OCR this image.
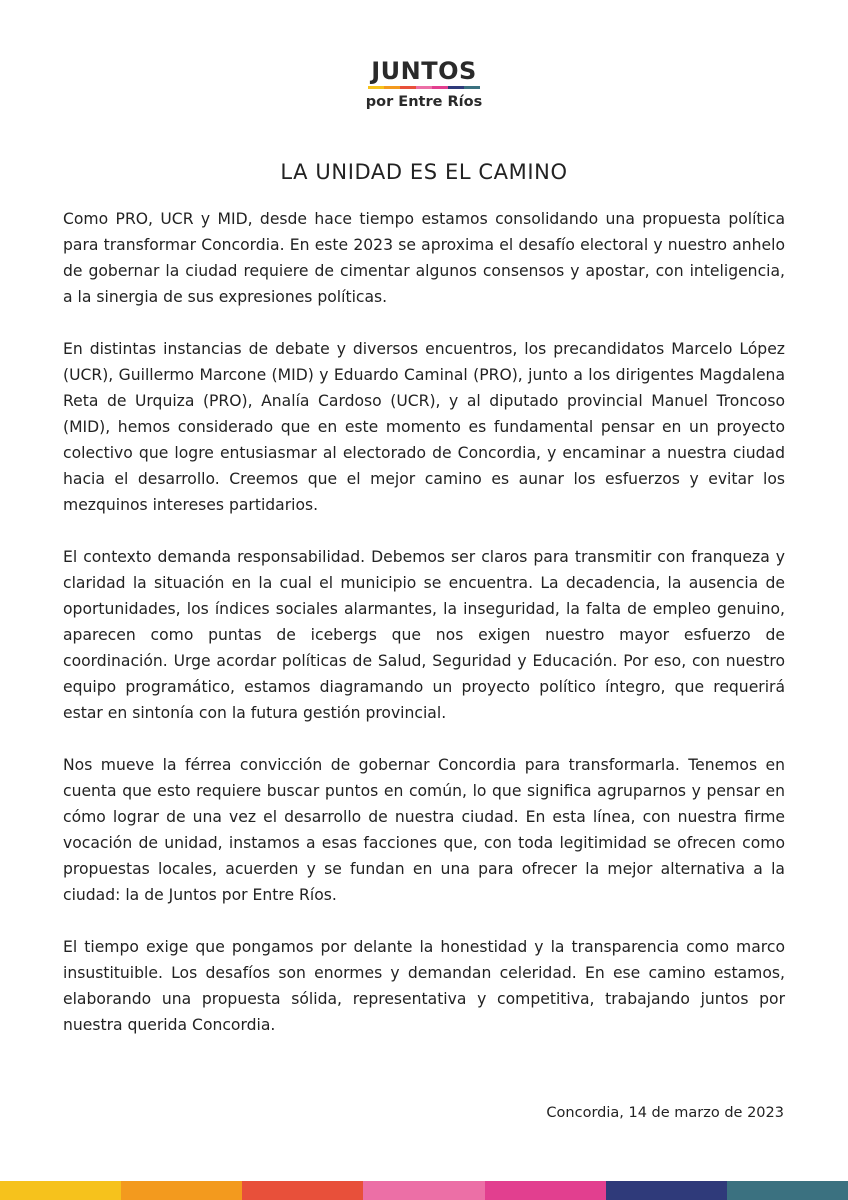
JUNTOS
por Entre Ríos
LA UNIDAD ES EL CAMINO

Como PRO, UCR y MID, desde hace tiempo estamos consolidando una propuesta política para transformar Concordia. En este 2023 se aproxima el desafío electoral y nuestro anhelo de gobernar la ciudad requiere de cimentar algunos consensos y apostar, con inteligencia, a la sinergia de sus expresiones políticas.

En distintas instancias de debate y diversos encuentros, los precandidatos Marcelo López (UCR), Guillermo Marcone (MID) y Eduardo Caminal (PRO), junto a los dirigentes Magdalena Reta de Urquiza (PRO), Analía Cardoso (UCR), y al diputado provincial Manuel Troncoso (MID), hemos considerado que en este momento es fundamental pensar en un proyecto colectivo que logre entusiasmar al electorado de Concordia, y encaminar a nuestra ciudad hacia el desarrollo. Creemos que el mejor camino es aunar los esfuerzos y evitar los mezquinos intereses partidarios.

El contexto demanda responsabilidad. Debemos ser claros para transmitir con franqueza y claridad la situación en la cual el municipio se encuentra. La decadencia, la ausencia de oportunidades, los índices sociales alarmantes, la inseguridad, la falta de empleo genuino, aparecen como puntas de icebergs que nos exigen nuestro mayor esfuerzo de coordinación. Urge acordar políticas de Salud, Seguridad y Educación. Por eso, con nuestro equipo programático, estamos diagramando un proyecto político íntegro, que requerirá estar en sintonía con la futura gestión provincial.

Nos mueve la férrea convicción de gobernar Concordia para transformarla. Tenemos en cuenta que esto requiere buscar puntos en común, lo que significa agruparnos y pensar en cómo lograr de una vez el desarrollo de nuestra ciudad. En esta línea, con nuestra firme vocación de unidad, instamos a esas facciones que, con toda legitimidad se ofrecen como propuestas locales, acuerden y se fundan en una para ofrecer la mejor alternativa a la ciudad: la de Juntos por Entre Ríos.

El tiempo exige que pongamos por delante la honestidad y la transparencia como marco insustituible. Los desafíos son enormes y demandan celeridad. En ese camino estamos, elaborando una propuesta sólida, representativa y competitiva, trabajando juntos por nuestra querida Concordia.

Concordia, 14 de marzo de 2023
